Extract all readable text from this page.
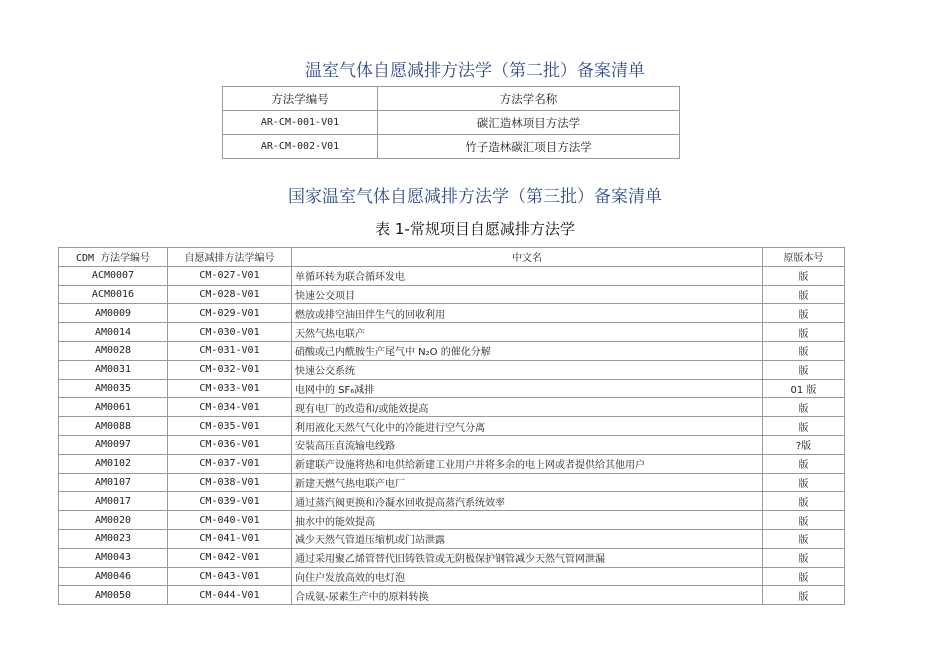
温室气体自愿减排方法学（第二批）备案清单
方法学编号	方法学名称
AR-CM-001-V01	碳汇造林项目方法学
AR-CM-002-V01	竹子造林碳汇项目方法学
国家温室气体自愿减排方法学（第三批）备案清单
表 1-常规项目自愿减排方法学
CDM 方法学编号	自愿减排方法学编号	中文名	原版本号
ACM0007	CM-027-V01	单循环转为联合循环发电	版
ACM0016	CM-028-V01	快速公交项目	版
AM0009	CM-029-V01	燃放或排空油田伴生气的回收利用	版
AM0014	CM-030-V01	天然气热电联产	版
AM0028	CM-031-V01	硝酸或己内酰胺生产尾气中 N₂O 的催化分解	版
AM0031	CM-032-V01	快速公交系统	版
AM0035	CM-033-V01	电网中的 SF₆减排	01 版
AM0061	CM-034-V01	现有电厂的改造和/或能效提高	版
AM0088	CM-035-V01	利用液化天然气气化中的冷能进行空气分离	版
AM0097	CM-036-V01	安装高压直流输电线路	?版
AM0102	CM-037-V01	新建联产设施将热和电供给新建工业用户并将多余的电上网或者提供给其他用户	版
AM0107	CM-038-V01	新建天燃气热电联产电厂	版
AM0017	CM-039-V01	通过蒸汽阀更换和冷凝水回收提高蒸汽系统效率	版
AM0020	CM-040-V01	抽水中的能效提高	版
AM0023	CM-041-V01	减少天然气管道压缩机或门站泄露	版
AM0043	CM-042-V01	通过采用聚乙烯管替代旧铸铁管或无阴极保护钢管减少天然气管网泄漏	版
AM0046	CM-043-V01	向住户发放高效的电灯泡	版
AM0050	CM-044-V01	合成氨-尿素生产中的原料转换	版
